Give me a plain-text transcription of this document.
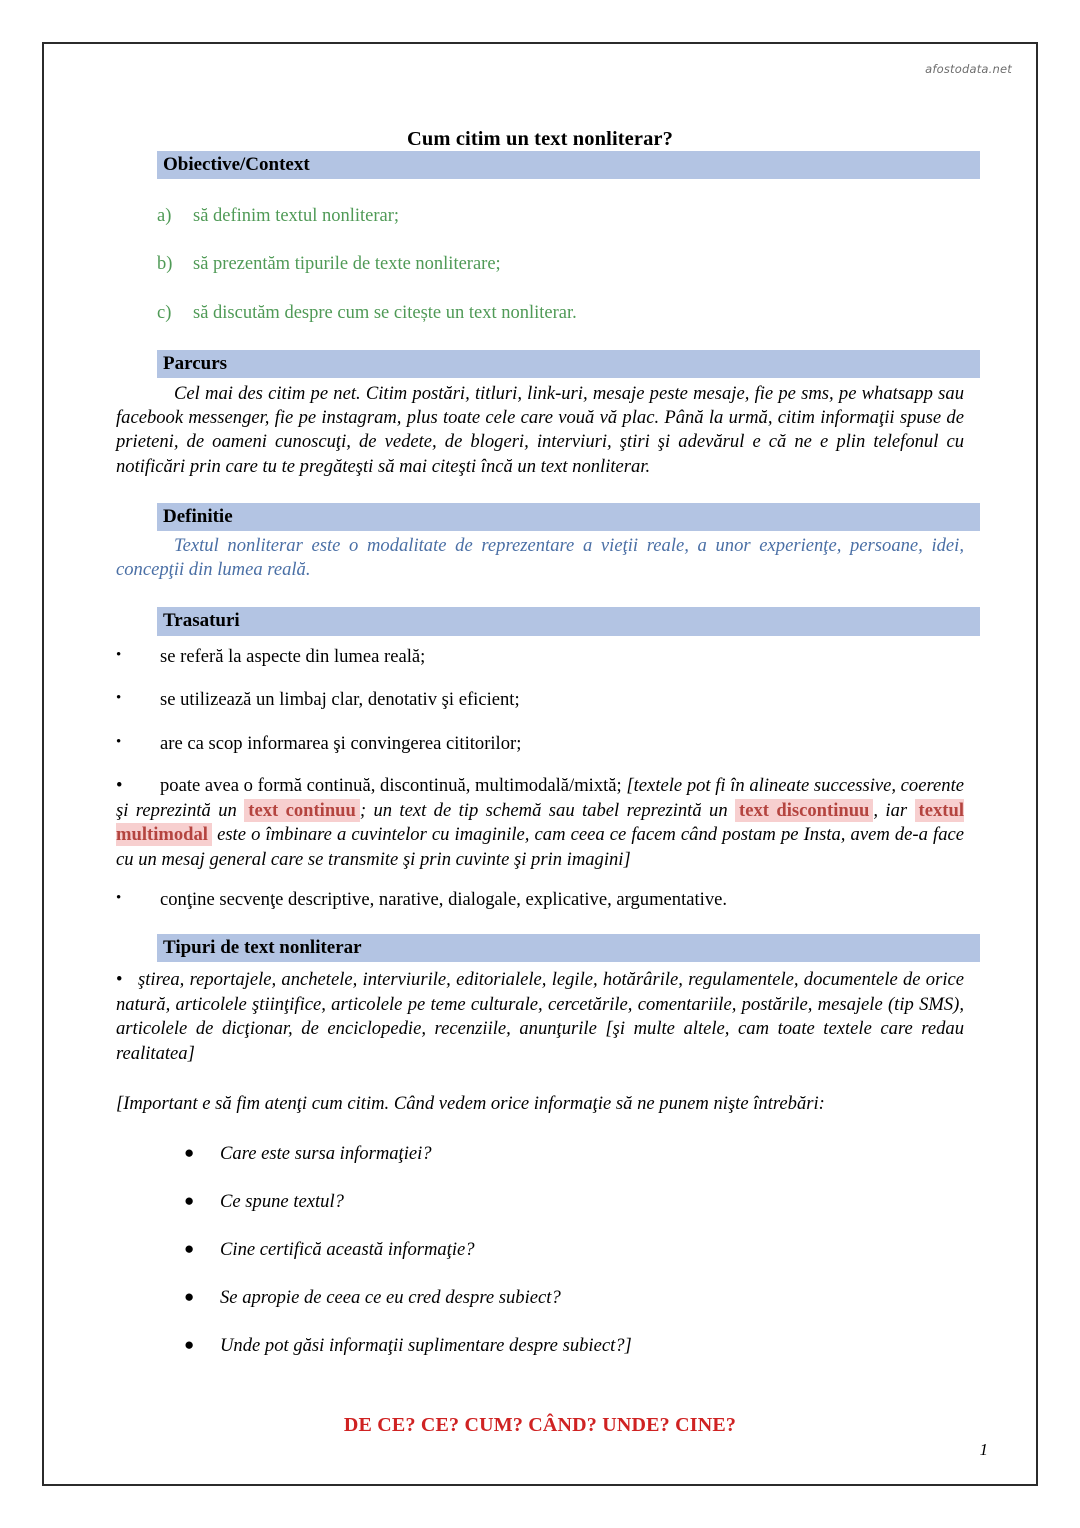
afostodata.net
Cum citim un text nonliterar?
Obiective/Context
a)	să definim textul nonliterar;
b)	să prezentăm tipurile de texte nonliterare;
c)	să discutăm despre cum se citește un text nonliterar.
Parcurs
Cel mai des citim pe net. Citim postări, titluri, link-uri, mesaje peste mesaje, fie pe sms, pe whatsapp sau facebook messenger, fie pe instagram, plus toate cele care vouă vă plac. Până la urmă, citim informaţii spuse de prieteni, de oameni cunoscuţi, de vedete, de blogeri, interviuri, ştiri şi adevărul e că ne e plin telefonul cu notificări prin care tu te pregăteşti să mai citeşti încă un text nonliterar.
Definitie
Textul nonliterar este o modalitate de reprezentare a vieţii reale, a unor experienţe, persoane, idei, concepţii din lumea reală.
Trasaturi
•	se referă la aspecte din lumea reală;
•	se utilizează un limbaj clar, denotativ şi eficient;
•	are ca scop informarea şi convingerea cititorilor;
• poate avea o formă continuă, discontinuă, multimodală/mixtă; [textele pot fi în alineate successive, coerente şi reprezintă un text continuu ; un text de tip schemă sau tabel reprezintă un text discontinuu , iar textul multimodal este o îmbinare a cuvintelor cu imaginile, cam ceea ce facem când postam pe Insta, avem de-a face cu un mesaj general care se transmite şi prin cuvinte şi prin imagini]
•	conţine secvenţe descriptive, narative, dialogale, explicative, argumentative.
Tipuri de text nonliterar
• ştirea, reportajele, anchetele, interviurile, editorialele, legile, hotărârile, regulamentele, documentele de orice natură, articolele ştiinţifice, articolele pe teme culturale, cercetările, comentariile, postările, mesajele (tip SMS), articolele de dicţionar, de enciclopedie, recenziile, anunţurile [şi multe altele, cam toate textele care redau realitatea]
[Important e să fim atenţi cum citim. Când vedem orice informaţie să ne punem nişte întrebări:
●	Care este sursa informaţiei?
●	Ce spune textul?
●	Cine certifică această informaţie?
●	Se apropie de ceea ce eu cred despre subiect?
●	Unde pot găsi informaţii suplimentare despre subiect?]
DE CE? CE? CUM? CÂND? UNDE? CINE?
1
